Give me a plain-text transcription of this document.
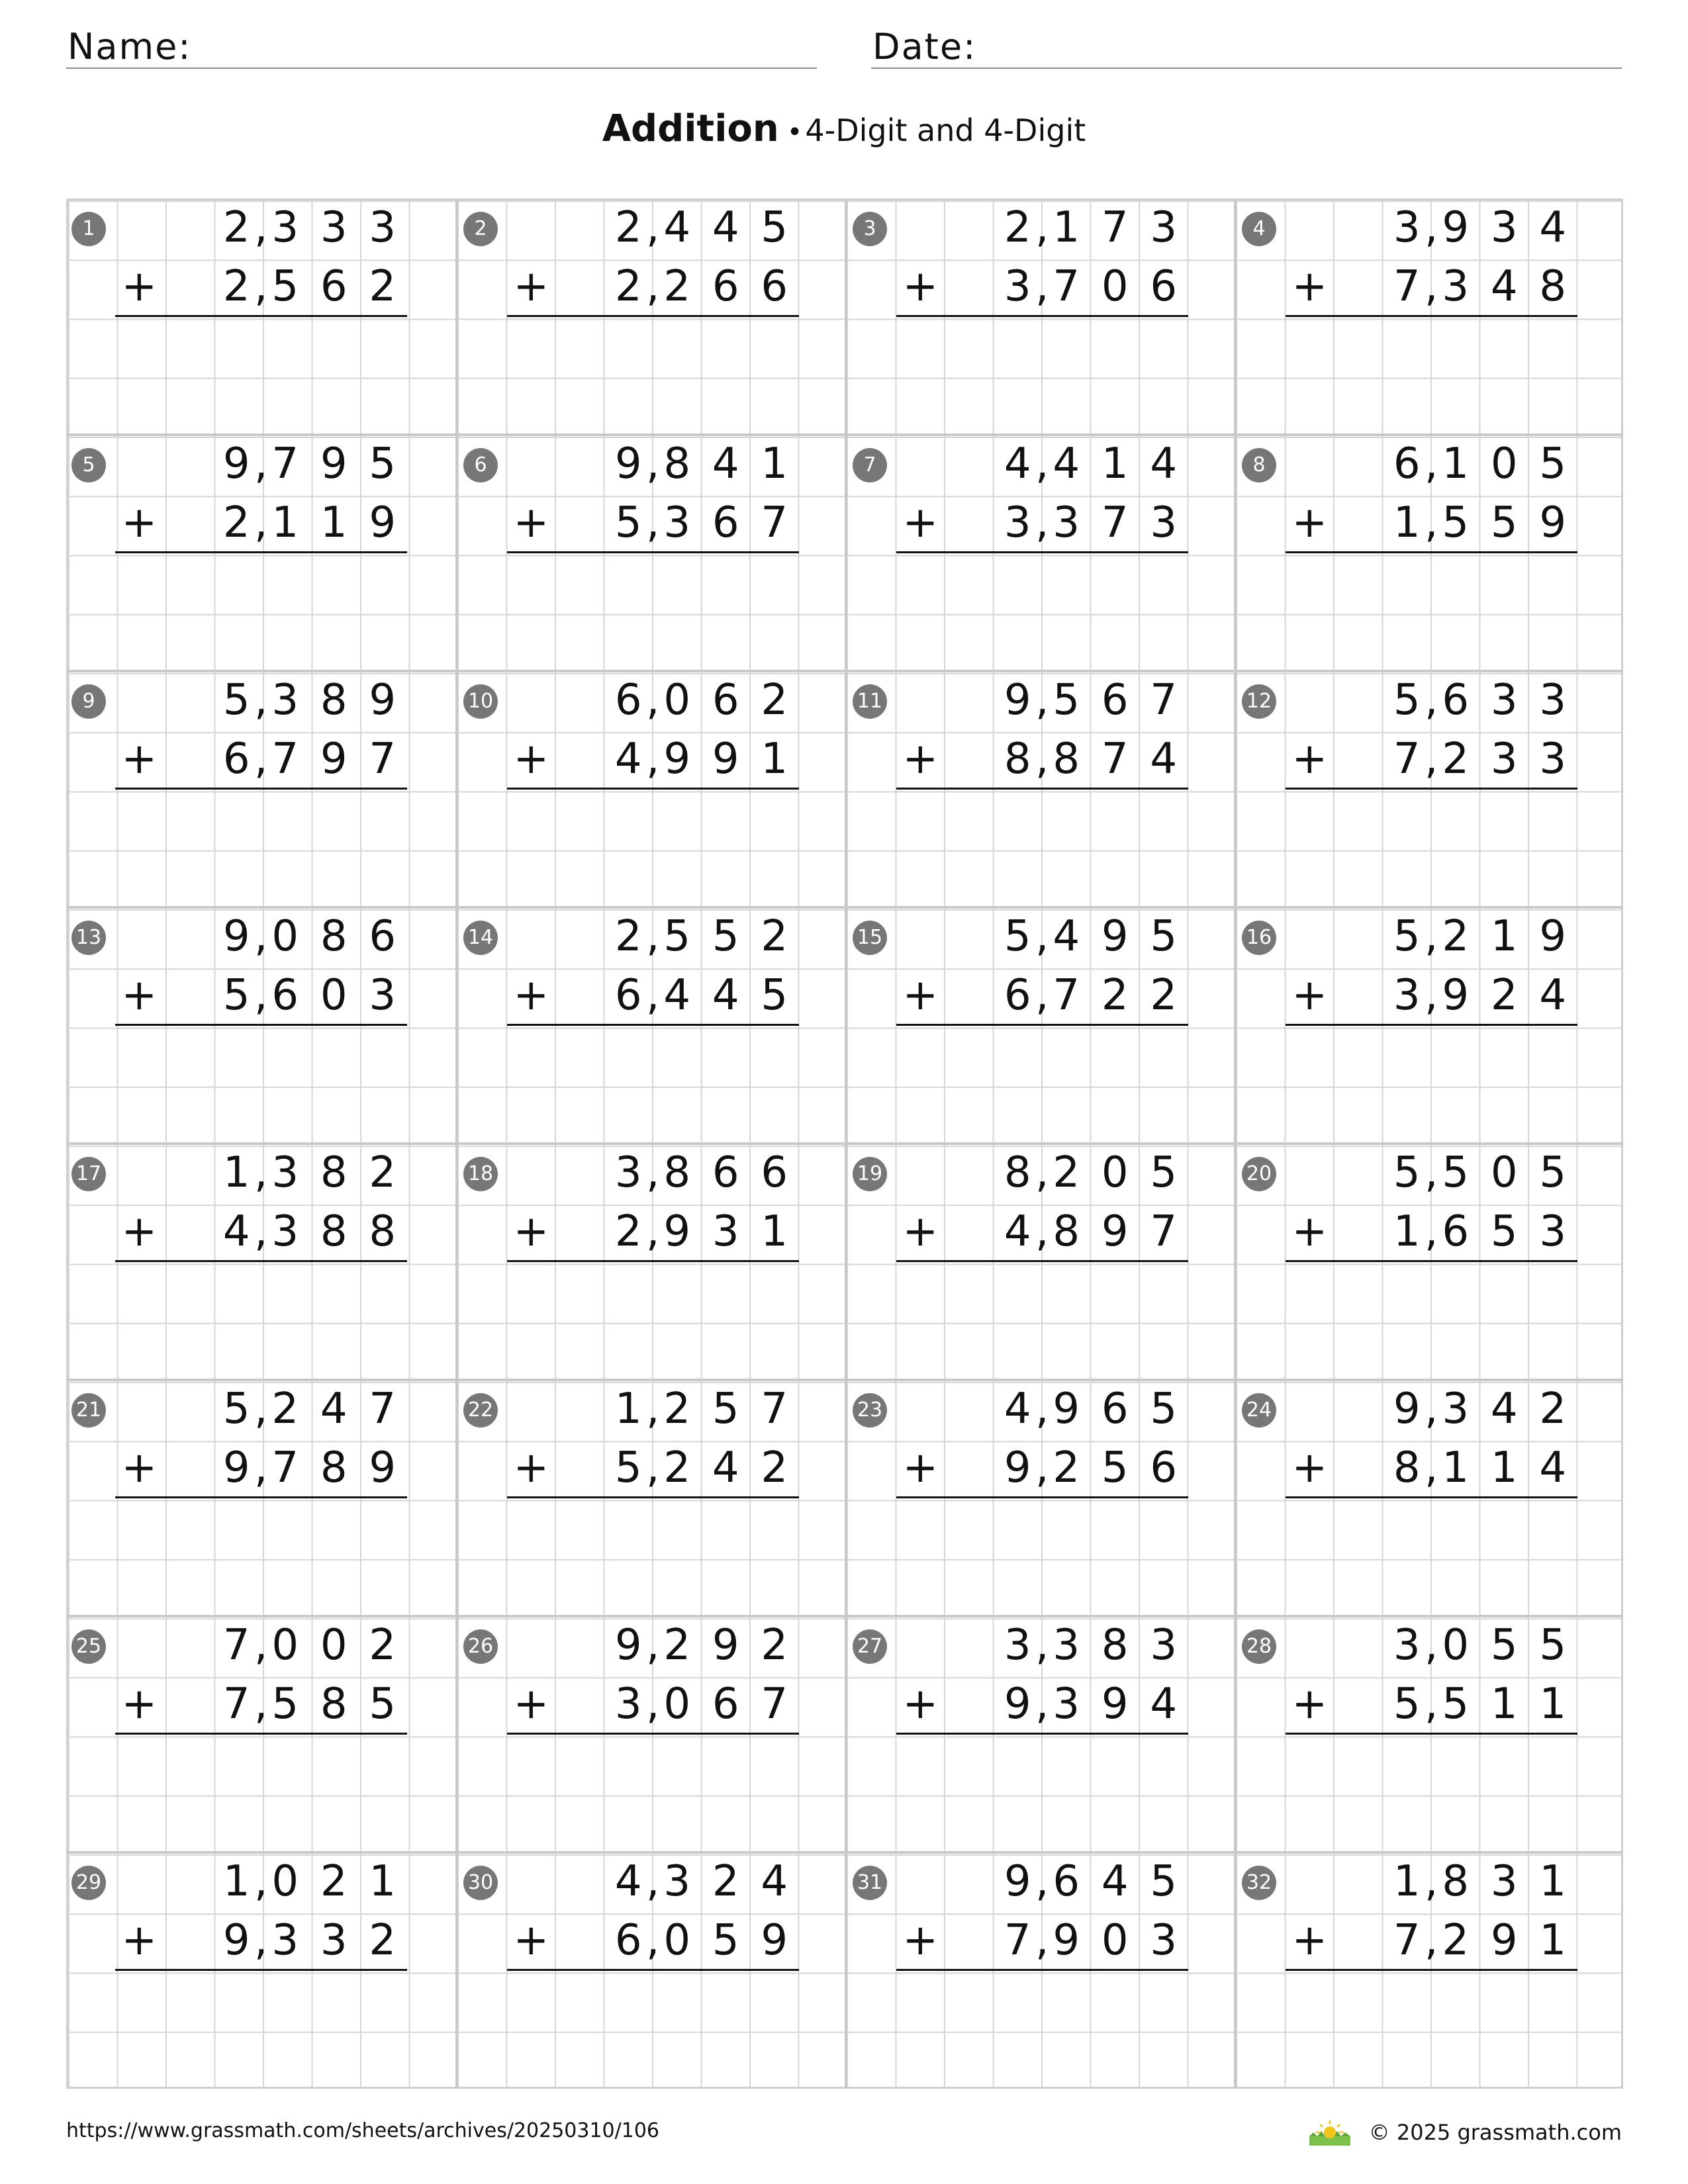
Name:	Date:
Addition •4-Digit and 4-Digit
1	2 3 3 3
,
2 5 6 2
,
+
2	2 4 4 5
,
2 2 6 6
,
+
3	2 1 7 3
,
3 7 0 6
,
+
4	3 9 3 4
,
7 3 4 8
,
+
5	9 7 9 5
,
2 1 1 9
,
+
6	9 8 4 1
,
5 3 6 7
,
+
7	4 4 1 4
,
3 3 7 3
,
+
8	6 1 0 5
,
1 5 5 9
,
+
9	5 3 8 9
,
6 7 9 7
,
+
10	6 0 6 2
,
4 9 9 1
,
+
11	9 5 6 7
,
8 8 7 4
,
+
12	5 6 3 3
,
7 2 3 3
,
+
13	9 0 8 6
,
5 6 0 3
,
+
14	2 5 5 2
,
6 4 4 5
,
+
15	5 4 9 5
,
6 7 2 2
,
+
16	5 2 1 9
,
3 9 2 4
,
+
17	1 3 8 2
,
4 3 8 8
,
+
18	3 8 6 6
,
2 9 3 1
,
+
19	8 2 0 5
,
4 8 9 7
,
+
20	5 5 0 5
,
1 6 5 3
,
+
21	5 2 4 7
,
9 7 8 9
,
+
22	1 2 5 7
,
5 2 4 2
,
+
23	4 9 6 5
,
9 2 5 6
,
+
24	9 3 4 2
,
8 1 1 4
,
+
25	7 0 0 2
,
7 5 8 5
,
+
26	9 2 9 2
,
3 0 6 7
,
+
27	3 3 8 3
,
9 3 9 4
,
+
28	3 0 5 5
,
5 5 1 1
,
+
29	1 0 2 1
,
9 3 3 2
,
+
30	4 3 2 4
,
6 0 5 9
,
+
31	9 6 4 5
,
7 9 0 3
,
+
32	1 8 3 1
,
7 2 9 1
,
+
https://www.grassmath.com/sheets/archives/20250310/106	© 2025 grassmath.com
